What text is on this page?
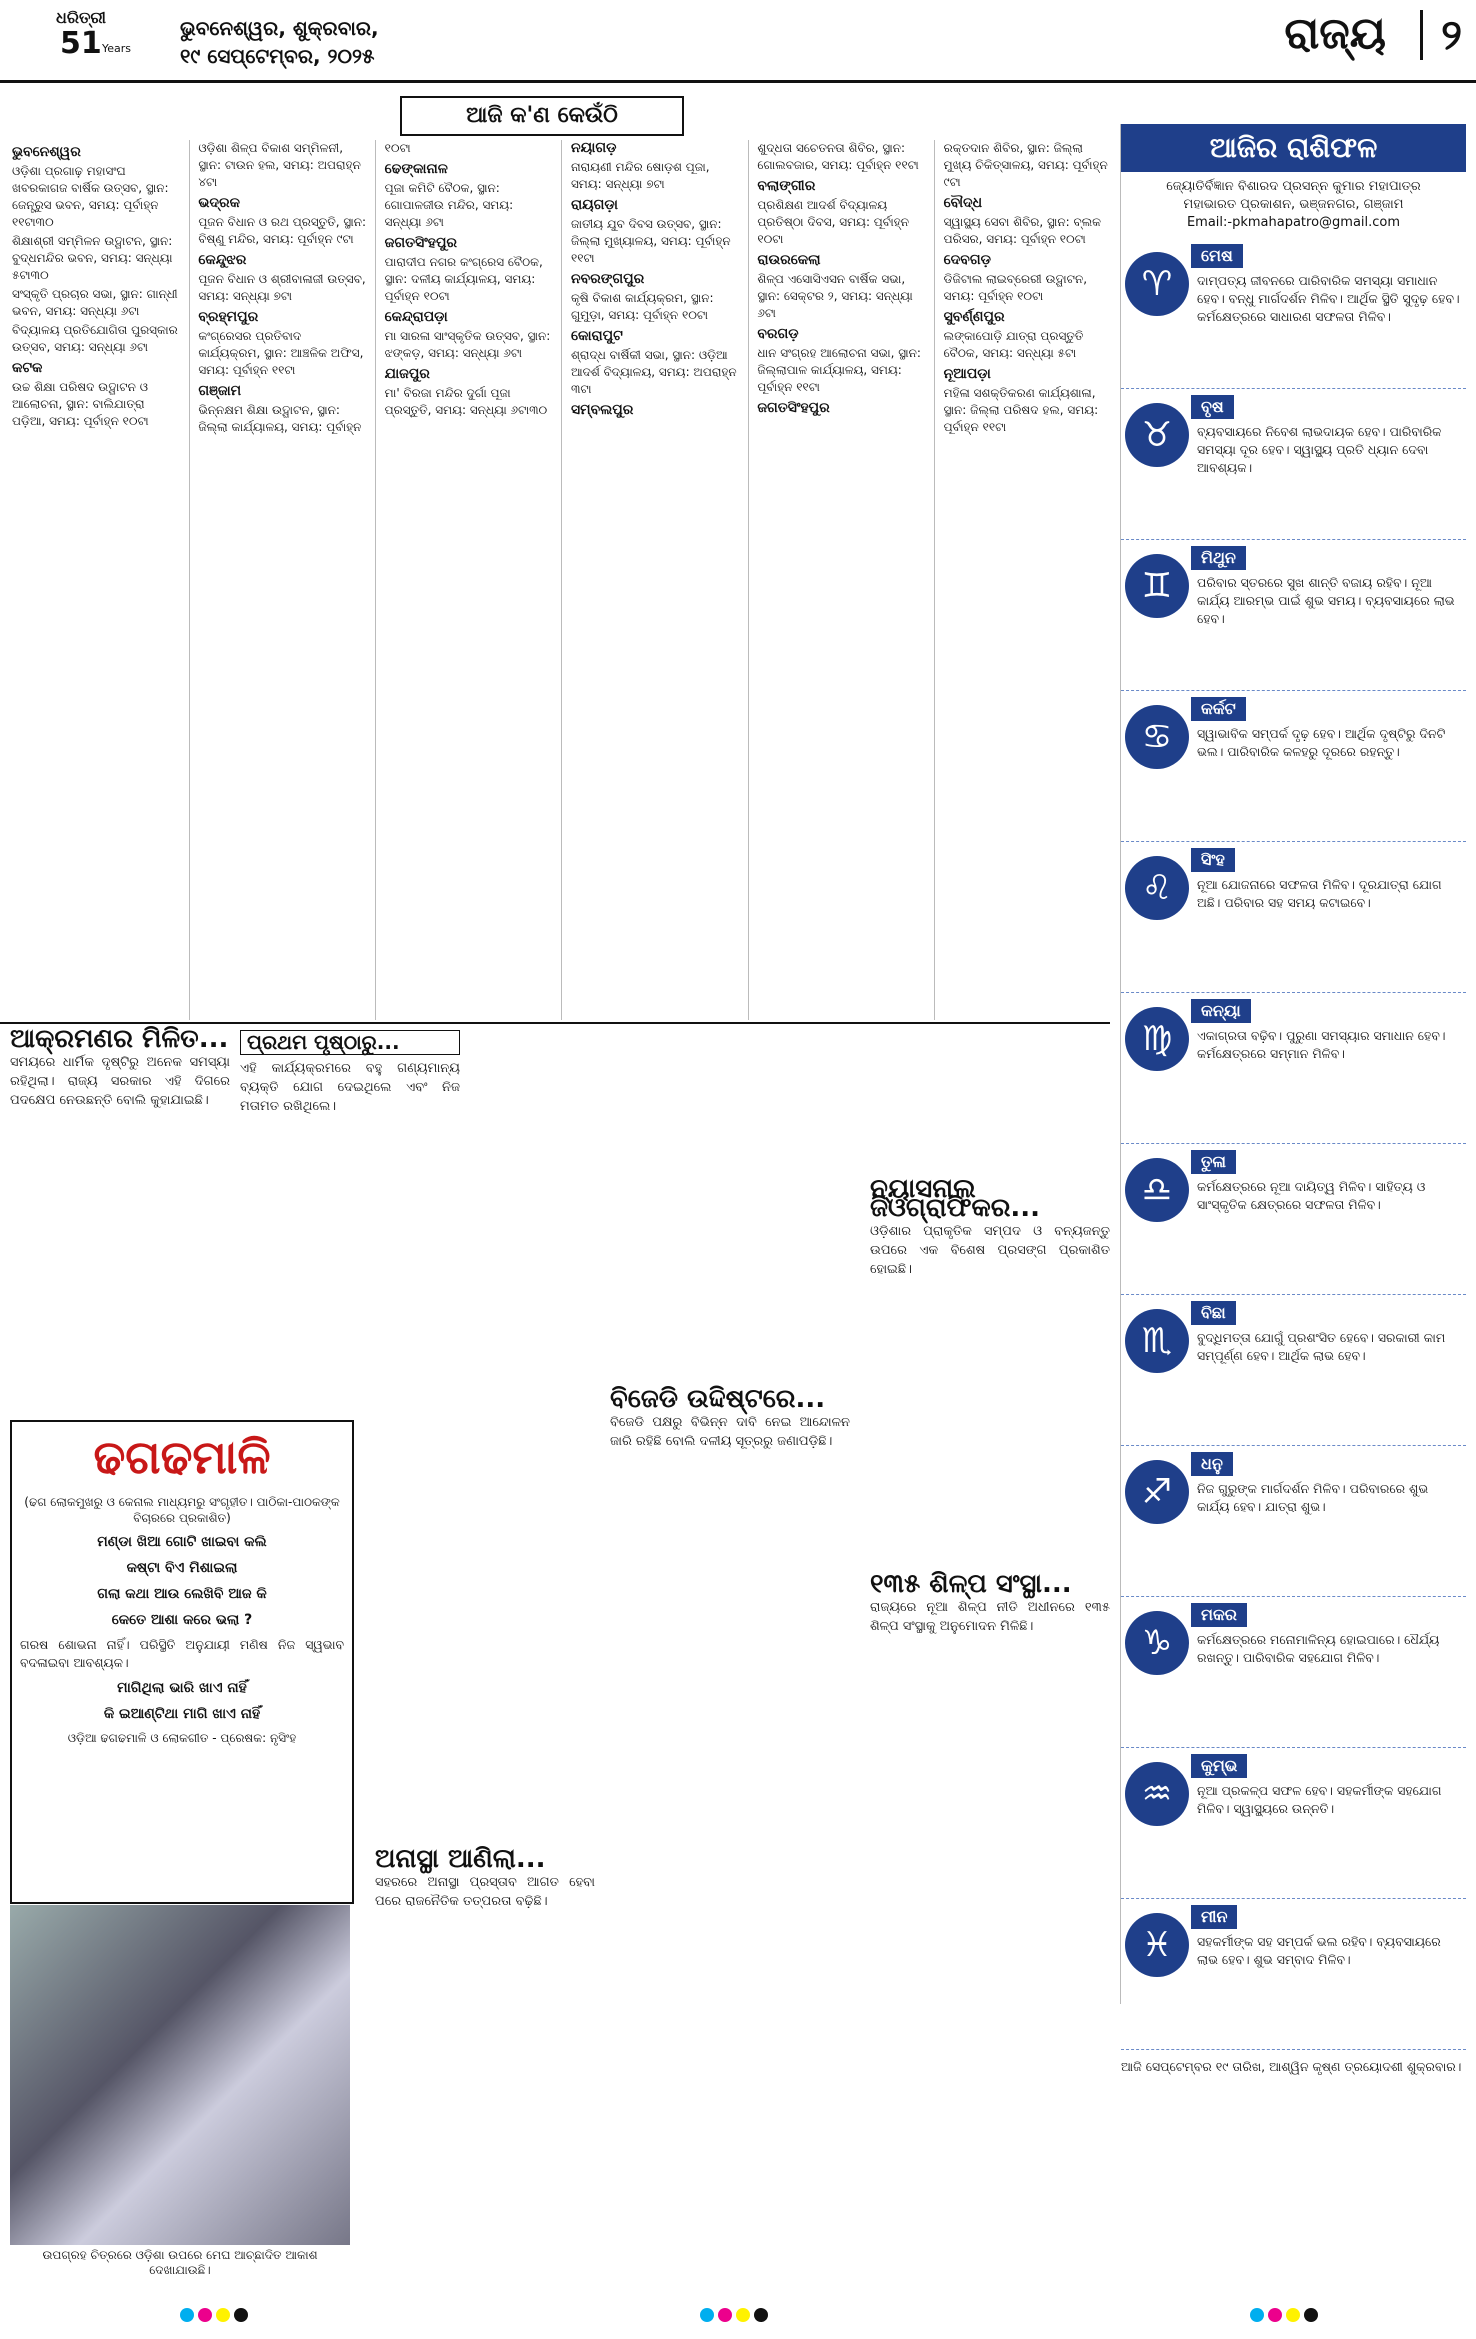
ଧରିତ୍ରୀ
51 Years
ଭୁବନେଶ୍ୱର, ଶୁକ୍ରବାର,
୧୯ ସେପ୍ଟେମ୍ବର, ୨୦୨୫	ରାଜ୍ୟ	୨
ଆଜି କ'ଣ କେଉଁଠି
ଭୁବନେଶ୍ୱର
ଓଡ଼ିଶା ପ୍ରଗାଢ଼ ମହାସଂଘ ଖବରକାଗଜ ବାର୍ଷିକ ଉତ୍ସବ, ସ୍ଥାନ: ଜେନ୍ତ୍ରୁସ ଭବନ, ସମୟ: ପୂର୍ବାହ୍ନ ୧୧ଟା୩୦
ଶିକ୍ଷାଶ୍ରୀ ସମ୍ମିଳନ ଉଦ୍ଘାଟନ, ସ୍ଥାନ: ବୁଦ୍ଧମନ୍ଦିର ଭବନ, ସମୟ: ସନ୍ଧ୍ୟା ୫ଟା୩୦
ସଂସ୍କୃତି ପ୍ରଚାର ସଭା, ସ୍ଥାନ: ଗାନ୍ଧୀ ଭବନ, ସମୟ: ସନ୍ଧ୍ୟା ୬ଟା
ବିଦ୍ୟାଳୟ ପ୍ରତିଯୋଗିତା ପୁରସ୍କାର ଉତ୍ସବ, ସମୟ: ସନ୍ଧ୍ୟା ୬ଟା
କଟକ
ଉଚ୍ଚ ଶିକ୍ଷା ପରିଷଦ ଉଦ୍ଘାଟନ ଓ ଆଲୋଚନା, ସ୍ଥାନ: ବାଲିଯାତ୍ରା ପଡ଼ିଆ, ସମୟ: ପୂର୍ବାହ୍ନ ୧୦ଟା
ଓଡ଼ିଶା ଶିଳ୍ପ ବିକାଶ ସମ୍ମିଳନୀ, ସ୍ଥାନ: ଟାଉନ ହଲ, ସମୟ: ଅପରାହ୍ନ ୪ଟା
ଭଦ୍ରକ
ପୂଜନ ବିଧାନ ଓ ରଥ ପ୍ରସ୍ତୁତି, ସ୍ଥାନ: ବିଷ୍ଣୁ ମନ୍ଦିର, ସମୟ: ପୂର୍ବାହ୍ନ ୯ଟା
କେନ୍ଦୁଝର
ପୂଜନ ବିଧାନ ଓ ଶ୍ରୀବାଳାଜୀ ଉତ୍ସବ, ସମୟ: ସନ୍ଧ୍ୟା ୭ଟା
ବ୍ରହ୍ମପୁର
କଂଗ୍ରେସର ପ୍ରତିବାଦ କାର୍ଯ୍ୟକ୍ରମ, ସ୍ଥାନ: ଆଞ୍ଚଳିକ ଅଫିସ, ସମୟ: ପୂର୍ବାହ୍ନ ୧୧ଟା
ଗଞ୍ଜାମ
ଭିନ୍ନକ୍ଷମ ଶିକ୍ଷା ଉଦ୍ଘାଟନ, ସ୍ଥାନ: ଜିଲ୍ଲା କାର୍ଯ୍ୟାଳୟ, ସମୟ: ପୂର୍ବାହ୍ନ ୧୦ଟା
ଢେଙ୍କାନାଳ
ପୂଜା କମିଟି ବୈଠକ, ସ୍ଥାନ: ଗୋପାଳଜୀଉ ମନ୍ଦିର, ସମୟ: ସନ୍ଧ୍ୟା ୬ଟା
ଜଗତସିଂହପୁର
ପାରାଦୀପ ନଗର କଂଗ୍ରେସ ବୈଠକ, ସ୍ଥାନ: ଦଳୀୟ କାର୍ଯ୍ୟାଳୟ, ସମୟ: ପୂର୍ବାହ୍ନ ୧୦ଟା
କେନ୍ଦ୍ରାପଡ଼ା
ମା ସାରଳା ସାଂସ୍କୃତିକ ଉତ୍ସବ, ସ୍ଥାନ: ଝଙ୍କଡ଼, ସମୟ: ସନ୍ଧ୍ୟା ୬ଟା
ଯାଜପୁର
ମା' ବିରଜା ମନ୍ଦିର ଦୁର୍ଗା ପୂଜା ପ୍ରସ୍ତୁତି, ସମୟ: ସନ୍ଧ୍ୟା ୬ଟା୩୦
ନୟାଗଡ଼
ନାରାୟଣୀ ମନ୍ଦିର ଷୋଡ଼ଶ ପୂଜା, ସମୟ: ସନ୍ଧ୍ୟା ୭ଟା
ରାୟଗଡ଼ା
ଜାତୀୟ ଯୁବ ଦିବସ ଉତ୍ସବ, ସ୍ଥାନ: ଜିଲ୍ଲା ମୁଖ୍ୟାଳୟ, ସମୟ: ପୂର୍ବାହ୍ନ ୧୧ଟା
ନବରଙ୍ଗପୁର
କୃଷି ବିକାଶ କାର୍ଯ୍ୟକ୍ରମ, ସ୍ଥାନ: ଗୁମୁଡ଼ା, ସମୟ: ପୂର୍ବାହ୍ନ ୧୦ଟା
କୋରାପୁଟ
ଶ୍ରାଦ୍ଧ ବାର୍ଷିକୀ ସଭା, ସ୍ଥାନ: ଓଡ଼ିଆ ଆଦର୍ଶ ବିଦ୍ୟାଳୟ, ସମୟ: ଅପରାହ୍ନ ୩ଟା
ସମ୍ବଲପୁର
ଶୁଦ୍ଧତା ସଚେତନତା ଶିବିର, ସ୍ଥାନ: ଗୋଲବଜାର, ସମୟ: ପୂର୍ବାହ୍ନ ୧୧ଟା
ବଲାଙ୍ଗୀର
ପ୍ରଶିକ୍ଷଣ ଆଦର୍ଶ ବିଦ୍ୟାଳୟ ପ୍ରତିଷ୍ଠା ଦିବସ, ସମୟ: ପୂର୍ବାହ୍ନ ୧୦ଟା
ରାଉରକେଲା
ଶିଳ୍ପ ଏସୋସିଏସନ ବାର୍ଷିକ ସଭା, ସ୍ଥାନ: ସେକ୍ଟର ୨, ସମୟ: ସନ୍ଧ୍ୟା ୬ଟା
ବରଗଡ଼
ଧାନ ସଂଗ୍ରହ ଆଲୋଚନା ସଭା, ସ୍ଥାନ: ଜିଲ୍ଲାପାଳ କାର୍ଯ୍ୟାଳୟ, ସମୟ: ପୂର୍ବାହ୍ନ ୧୧ଟା
ଜଗତସିଂହପୁର
ରକ୍ତଦାନ ଶିବିର, ସ୍ଥାନ: ଜିଲ୍ଲା ମୁଖ୍ୟ ଚିକିତ୍ସାଳୟ, ସମୟ: ପୂର୍ବାହ୍ନ ୯ଟା
ବୌଦ୍ଧ
ସ୍ୱାସ୍ଥ୍ୟ ସେବା ଶିବିର, ସ୍ଥାନ: ବ୍ଲକ ପରିସର, ସମୟ: ପୂର୍ବାହ୍ନ ୧୦ଟା
ଦେବଗଡ଼
ଡିଜିଟାଲ ଲାଇବ୍ରେରୀ ଉଦ୍ଘାଟନ, ସମୟ: ପୂର୍ବାହ୍ନ ୧୦ଟା
ସୁବର୍ଣ୍ଣପୁର
ଲଙ୍କାପୋଡ଼ି ଯାତ୍ରା ପ୍ରସ୍ତୁତି ବୈଠକ, ସମୟ: ସନ୍ଧ୍ୟା ୫ଟା
ନୂଆପଡ଼ା
ମହିଳା ସଶକ୍ତିକରଣ କାର୍ଯ୍ୟଶାଳା, ସ୍ଥାନ: ଜିଲ୍ଲା ପରିଷଦ ହଲ, ସମୟ: ପୂର୍ବାହ୍ନ ୧୧ଟା
ଆଜିର ରାଶିଫଳ
ଜ୍ୟୋତିର୍ବିଜ୍ଞାନ ବିଶାରଦ ପ୍ରସନ୍ନ କୁମାର ମହାପାତ୍ର
ମହାଭାରତ ପ୍ରକାଶନ, ଭଞ୍ଜନଗର, ଗଞ୍ଜାମ
Email:-pkmahapatro@gmail.com
♈
ମେଷ
ଦାମ୍ପତ୍ୟ ଜୀବନରେ ପାରିବାରିକ ସମସ୍ୟା ସମାଧାନ ହେବ। ବନ୍ଧୁ ମାର୍ଗଦର୍ଶନ ମିଳିବ। ଆର୍ଥିକ ସ୍ଥିତି ସୁଦୃଢ଼ ହେବ। କର୍ମକ୍ଷେତ୍ରରେ ସାଧାରଣ ସଫଳତା ମିଳିବ।
♉
ବୃଷ
ବ୍ୟବସାୟରେ ନିବେଶ ଲାଭଦାୟକ ହେବ। ପାରିବାରିକ ସମସ୍ୟା ଦୂର ହେବ। ସ୍ୱାସ୍ଥ୍ୟ ପ୍ରତି ଧ୍ୟାନ ଦେବା ଆବଶ୍ୟକ।
♊
ମିଥୁନ
ପରିବାର ସ୍ତରରେ ସୁଖ ଶାନ୍ତି ବଜାୟ ରହିବ। ନୂଆ କାର୍ଯ୍ୟ ଆରମ୍ଭ ପାଇଁ ଶୁଭ ସମୟ। ବ୍ୟବସାୟରେ ଲାଭ ହେବ।
♋
କର୍କଟ
ସ୍ୱାଭାବିକ ସମ୍ପର୍କ ଦୃଢ଼ ହେବ। ଆର୍ଥିକ ଦୃଷ୍ଟିରୁ ଦିନଟି ଭଲ। ପାରିବାରିକ କଳହରୁ ଦୂରରେ ରହନ୍ତୁ।
♌
ସିଂହ
ନୂଆ ଯୋଜନାରେ ସଫଳତା ମିଳିବ। ଦୂରଯାତ୍ରା ଯୋଗ ଅଛି। ପରିବାର ସହ ସମୟ କଟାଇବେ।
♍
କନ୍ୟା
ଏକାଗ୍ରତା ବଢ଼ିବ। ପୁରୁଣା ସମସ୍ୟାର ସମାଧାନ ହେବ। କର୍ମକ୍ଷେତ୍ରରେ ସମ୍ମାନ ମିଳିବ।
♎
ତୁଳା
କର୍ମକ୍ଷେତ୍ରରେ ନୂଆ ଦାୟିତ୍ୱ ମିଳିବ। ସାହିତ୍ୟ ଓ ସାଂସ୍କୃତିକ କ୍ଷେତ୍ରରେ ସଫଳତା ମିଳିବ।
♏
ବିଛା
ବୁଦ୍ଧିମତ୍ତା ଯୋଗୁଁ ପ୍ରଶଂସିତ ହେବେ। ସରକାରୀ କାମ ସମ୍ପୂର୍ଣ୍ଣ ହେବ। ଆର୍ଥିକ ଲାଭ ହେବ।
♐
ଧନୁ
ନିଜ ଗୁରୁଙ୍କ ମାର୍ଗଦର୍ଶନ ମିଳିବ। ପରିବାରରେ ଶୁଭ କାର୍ଯ୍ୟ ହେବ। ଯାତ୍ରା ଶୁଭ।
♑
ମକର
କର୍ମକ୍ଷେତ୍ରରେ ମନୋମାଳିନ୍ୟ ହୋଇପାରେ। ଧୈର୍ଯ୍ୟ ରଖନ୍ତୁ। ପାରିବାରିକ ସହଯୋଗ ମିଳିବ।
♒
କୁମ୍ଭ
ନୂଆ ପ୍ରକଳ୍ପ ସଫଳ ହେବ। ସହକର୍ମୀଙ୍କ ସହଯୋଗ ମିଳିବ। ସ୍ୱାସ୍ଥ୍ୟରେ ଉନ୍ନତି।
♓
ମୀନ
ସହକର୍ମୀଙ୍କ ସହ ସମ୍ପର୍କ ଭଲ ରହିବ। ବ୍ୟବସାୟରେ ଲାଭ ହେବ। ଶୁଭ ସମ୍ବାଦ ମିଳିବ।
ଆଜି ସେପ୍ଟେମ୍ବର ୧୯ ତାରିଖ, ଆଶ୍ୱିନ କୃଷ୍ଣ ତ୍ରୟୋଦଶୀ ଶୁକ୍ରବାର।
ଆକ୍ରମଣର ମିଳିତ...
ସମୟରେ ଧାର୍ମିକ ଦୃଷ୍ଟିରୁ ଅନେକ ସମସ୍ୟା ରହିଥିଲା। ରାଜ୍ୟ ସରକାର ଏହି ଦିଗରେ ପଦକ୍ଷେପ ନେଉଛନ୍ତି ବୋଲି କୁହାଯାଇଛି।
ପ୍ରଥମ ପୃଷ୍ଠାରୁ...
ଏହି କାର୍ଯ୍ୟକ୍ରମରେ ବହୁ ଗଣ୍ୟମାନ୍ୟ ବ୍ୟକ୍ତି ଯୋଗ ଦେଇଥିଲେ ଏବଂ ନିଜ ମତାମତ ରଖିଥିଲେ।
ନ୍ୟାସନାଲ ଜିଓଗ୍ରାଫିକର...
ଓଡ଼ିଶାର ପ୍ରାକୃତିକ ସମ୍ପଦ ଓ ବନ୍ୟଜନ୍ତୁ ଉପରେ ଏକ ବିଶେଷ ପ୍ରସଙ୍ଗ ପ୍ରକାଶିତ ହୋଇଛି।
ବିଜେଡି ଉଦ୍ଦିଷ୍ଟରେ...
ବିଜେଡି ପକ୍ଷରୁ ବିଭିନ୍ନ ଦାବି ନେଇ ଆନ୍ଦୋଳନ ଜାରି ରହିଛି ବୋଲି ଦଳୀୟ ସୂତ୍ରରୁ ଜଣାପଡ଼ିଛି।
୧୩୫ ଶିଳ୍ପ ସଂସ୍ଥା...
ରାଜ୍ୟରେ ନୂଆ ଶିଳ୍ପ ନୀତି ଅଧୀନରେ ୧୩୫ ଶିଳ୍ପ ସଂସ୍ଥାକୁ ଅନୁମୋଦନ ମିଳିଛି।
ଅନାସ୍ଥା ଆଣିଲା...
ସହରରେ ଅନାସ୍ଥା ପ୍ରସ୍ତାବ ଆଗତ ହେବା ପରେ ରାଜନୈତିକ ତତ୍ପରତା ବଢ଼ିଛି।
ଢଗଢମାଳି
(ଢଗ ଲୋକମୁଖରୁ ଓ କେନାଲ ମାଧ୍ୟମରୁ ସଂଗୃହୀତ। ପାଠିକା-ପାଠକଙ୍କ ବିଚାରରେ ପ୍ରକାଶିତ)
ମଣ୍ଡା ଖିଆ ଗୋଟି ଖାଇବା କଲି
କଷ୍ଟା ବିଏ ମିଶାଇଲା
ଗଲା କଥା ଆଉ ଲେଖିବି ଆଜ କି
କେତେ ଆଶା କରେ ଭଲା ?
ଗରଷ ଶୋଭନା ନାହିଁ। ପରିସ୍ଥିତି ଅନୁଯାୟୀ ମଣିଷ ନିଜ ସ୍ୱଭାବ ବଦଳାଇବା ଆବଶ୍ୟକ।
ମାଗିଥିଲା ଭାରି ଖାଏ ନାହିଁ
କି ଇଆଣ୍ଟିଥା ମାଗି ଖାଏ ନାହିଁ
ଓଡ଼ିଆ ଢଗଢମାଳି ଓ ଲୋକଗୀତ - ପ୍ରେଷକ: ନୃସିଂହ
ଉପଗ୍ରହ ଚିତ୍ରରେ ଓଡ଼ିଶା ଉପରେ ମେଘ ଆଚ୍ଛାଦିତ ଆକାଶ ଦେଖାଯାଉଛି।
